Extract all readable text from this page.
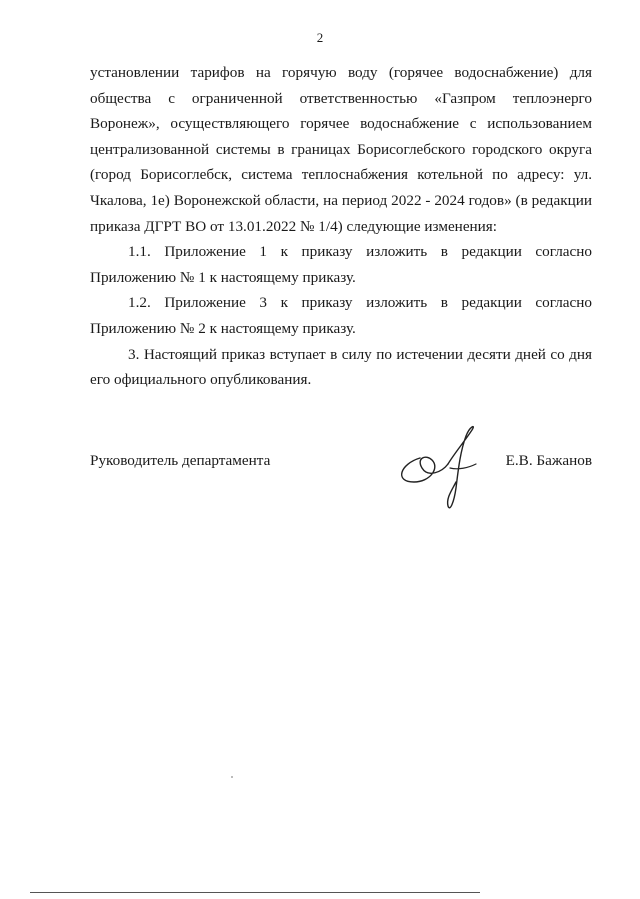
2

установлении тарифов на горячую воду (горячее водоснабжение) для общества с ограниченной ответственностью «Газпром теплоэнерго Воронеж», осуществляющего горячее водоснабжение с использованием централизованной системы в границах Борисоглебского городского округа (город Борисоглебск, система теплоснабжения котельной по адресу: ул. Чкалова, 1е) Воронежской области, на период 2022 - 2024 годов» (в редакции приказа ДГРТ ВО от 13.01.2022 № 1/4) следующие изменения:

1.1. Приложение 1 к приказу изложить в редакции согласно Приложению № 1 к настоящему приказу.

1.2. Приложение 3 к приказу изложить в редакции согласно Приложению № 2 к настоящему приказу.

3. Настоящий приказ вступает в силу по истечении десяти дней со дня его официального опубликования.

Руководитель департамента	Е.В. Бажанов
